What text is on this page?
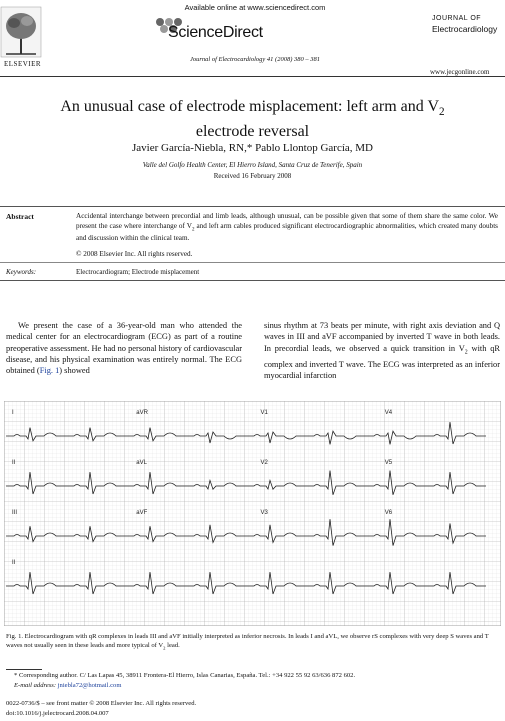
Available online at www.sciencedirect.com
ELSEVIER
ScienceDirect
Journal of Electrocardiology 41 (2008) 380 – 381
JOURNAL OF
Electrocardiology
www.jecgonline.com
An unusual case of electrode misplacement: left arm and $V_2$
electrode reversal
Javier García-Niebla, RN,* Pablo Llontop García, MD
Valle del Golfo Health Center, El Hierro Island, Santa Cruz de Tenerife, Spain
Received 16 February 2008
Abstract	Accidental interchange between precordial and limb leads, although unusual, can be possible given that some of them share the same color. We present the case where interchange of $V_2$ and left arm cables produced significant electrocardiographic abnormalities, which created many doubts and discussion within the clinical team.
© 2008 Elsevier Inc. All rights reserved.
Keywords:	Electrocardiogram; Electrode misplacement
We present the case of a 36-year-old man who attended the medical center for an electrocardiogram (ECG) as part of a routine preoperative assessment. He had no personal history of cardiovascular disease, and his physical examination was entirely normal. The ECG obtained (Fig. 1) showed
sinus rhythm at 73 beats per minute, with right axis deviation and Q waves in III and aVF accompanied by inverted T wave in both leads. In precordial leads, we observed a quick transition in $V_2$ with qR complex and inverted T wave. The ECG was interpreted as an inferior myocardial infarction
I	aVR	V1	V4
II	aVL	V2	V5
III	aVF	V3	V6
II
Fig. 1. Electrocardiogram with qR complexes in leads III and aVF initially interpreted as inferior necrosis. In leads I and aVL, we observe rS complexes with very deep S waves and T waves not usually seen in these leads and more typical of $V_2$ lead.
* Corresponding author. C/ Las Lapas 45, 38911 Frontera-El Hierro, Islas Canarias, España. Tel.: +34 922 55 92 63/636 872 602.
E-mail address: jniebla72@hotmail.com
0022-0736/$ – see front matter © 2008 Elsevier Inc. All rights reserved.
doi:10.1016/j.jelectrocard.2008.04.007
